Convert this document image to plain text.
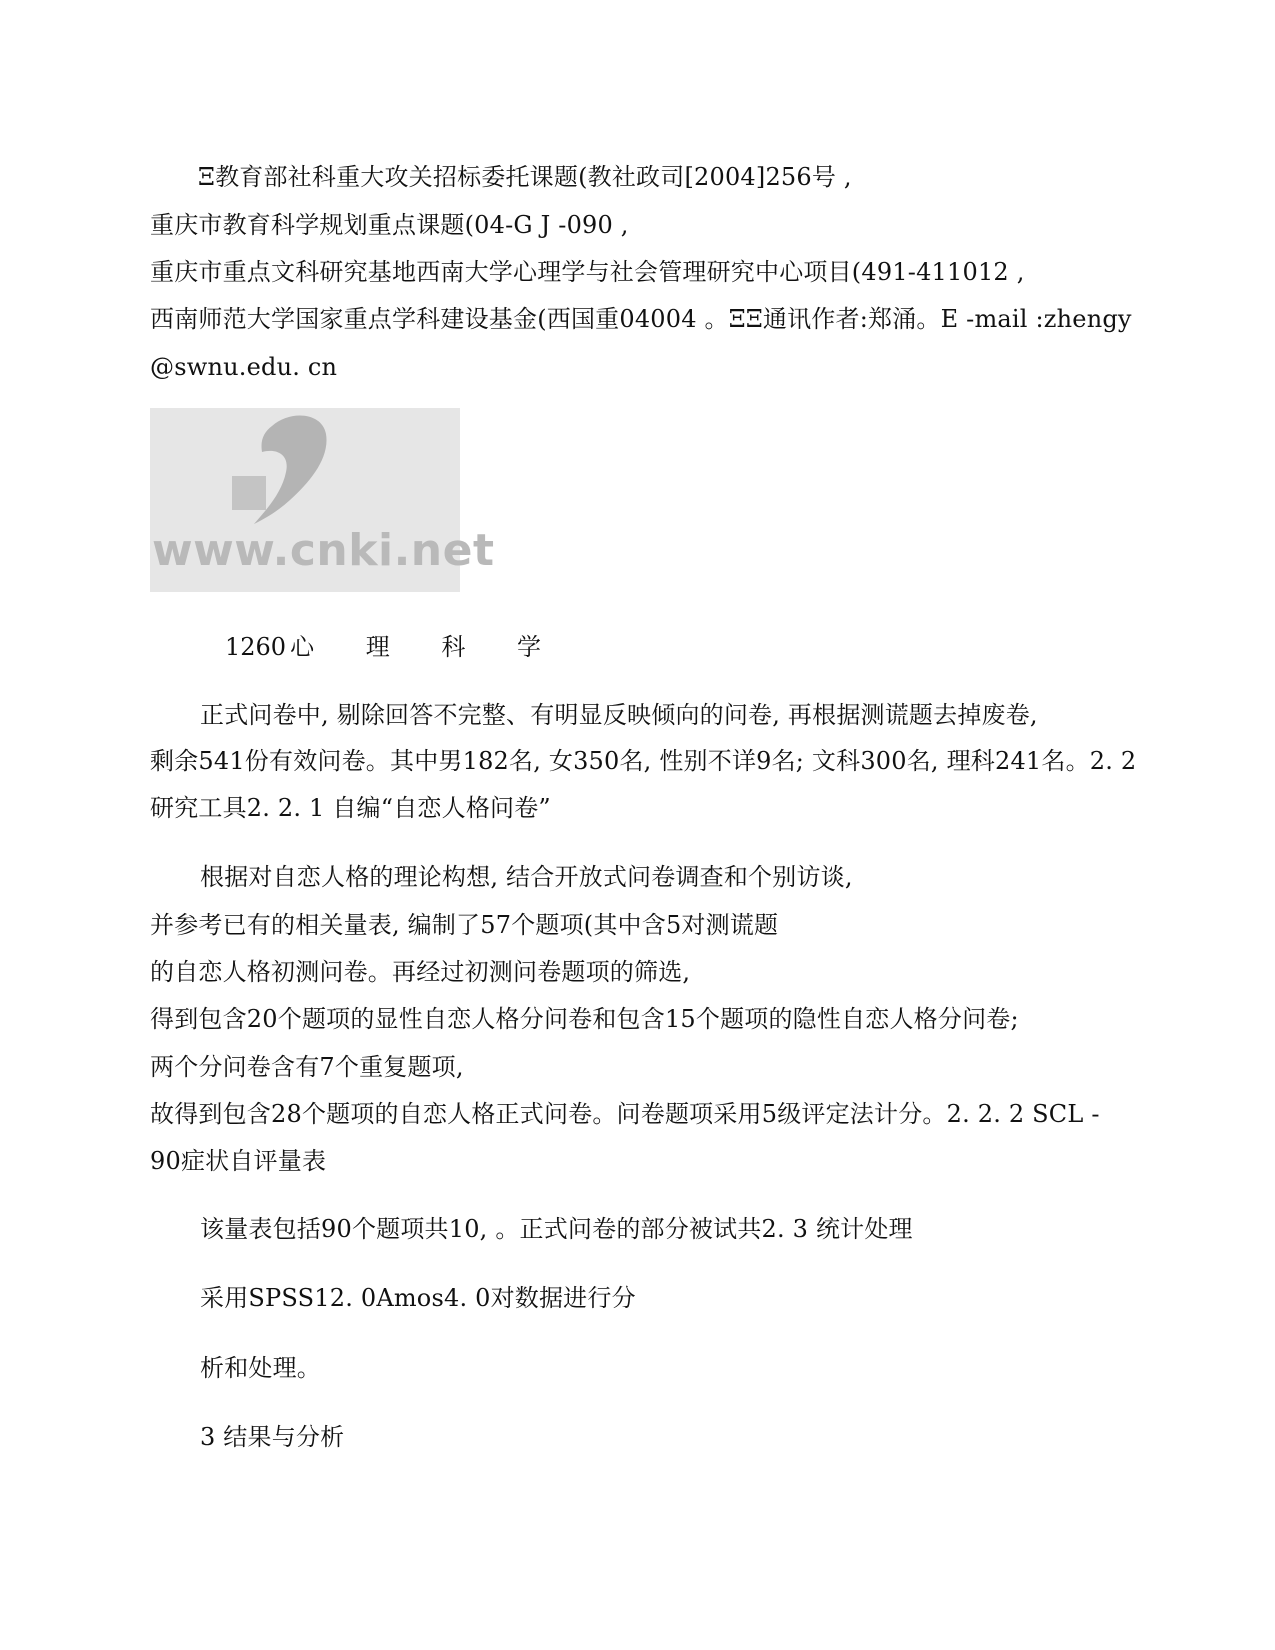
Ξ教育部社科重大攻关招标委托课题(教社政司[2004]256号 ,
重庆市教育科学规划重点课题(04-G J -090 ,
重庆市重点文科研究基地西南大学心理学与社会管理研究中心项目(491-411012 ,
西南师范大学国家重点学科建设基金(西国重04004 。ΞΞ通讯作者:郑涌。E -mail :zhengy
@swnu.edu. cn
www.cnki.net
1260 心 理 科 学
正式问卷中, 剔除回答不完整、有明显反映倾向的问卷, 再根据测谎题去掉废卷,
剩余541份有效问卷。其中男182名, 女350名, 性别不详9名; 文科300名, 理科241名。2. 2
研究工具2. 2. 1 自编“自恋人格问卷”
根据对自恋人格的理论构想, 结合开放式问卷调查和个别访谈,
并参考已有的相关量表, 编制了57个题项(其中含5对测谎题
的自恋人格初测问卷。再经过初测问卷题项的筛选,
得到包含20个题项的显性自恋人格分问卷和包含15个题项的隐性自恋人格分问卷;
两个分问卷含有7个重复题项,
故得到包含28个题项的自恋人格正式问卷。问卷题项采用5级评定法计分。2. 2. 2 SCL -
90症状自评量表
该量表包括90个题项共10, 。正式问卷的部分被试共2. 3 统计处理
采用SPSS12. 0Amos4. 0对数据进行分
析和处理。
3 结果与分析
